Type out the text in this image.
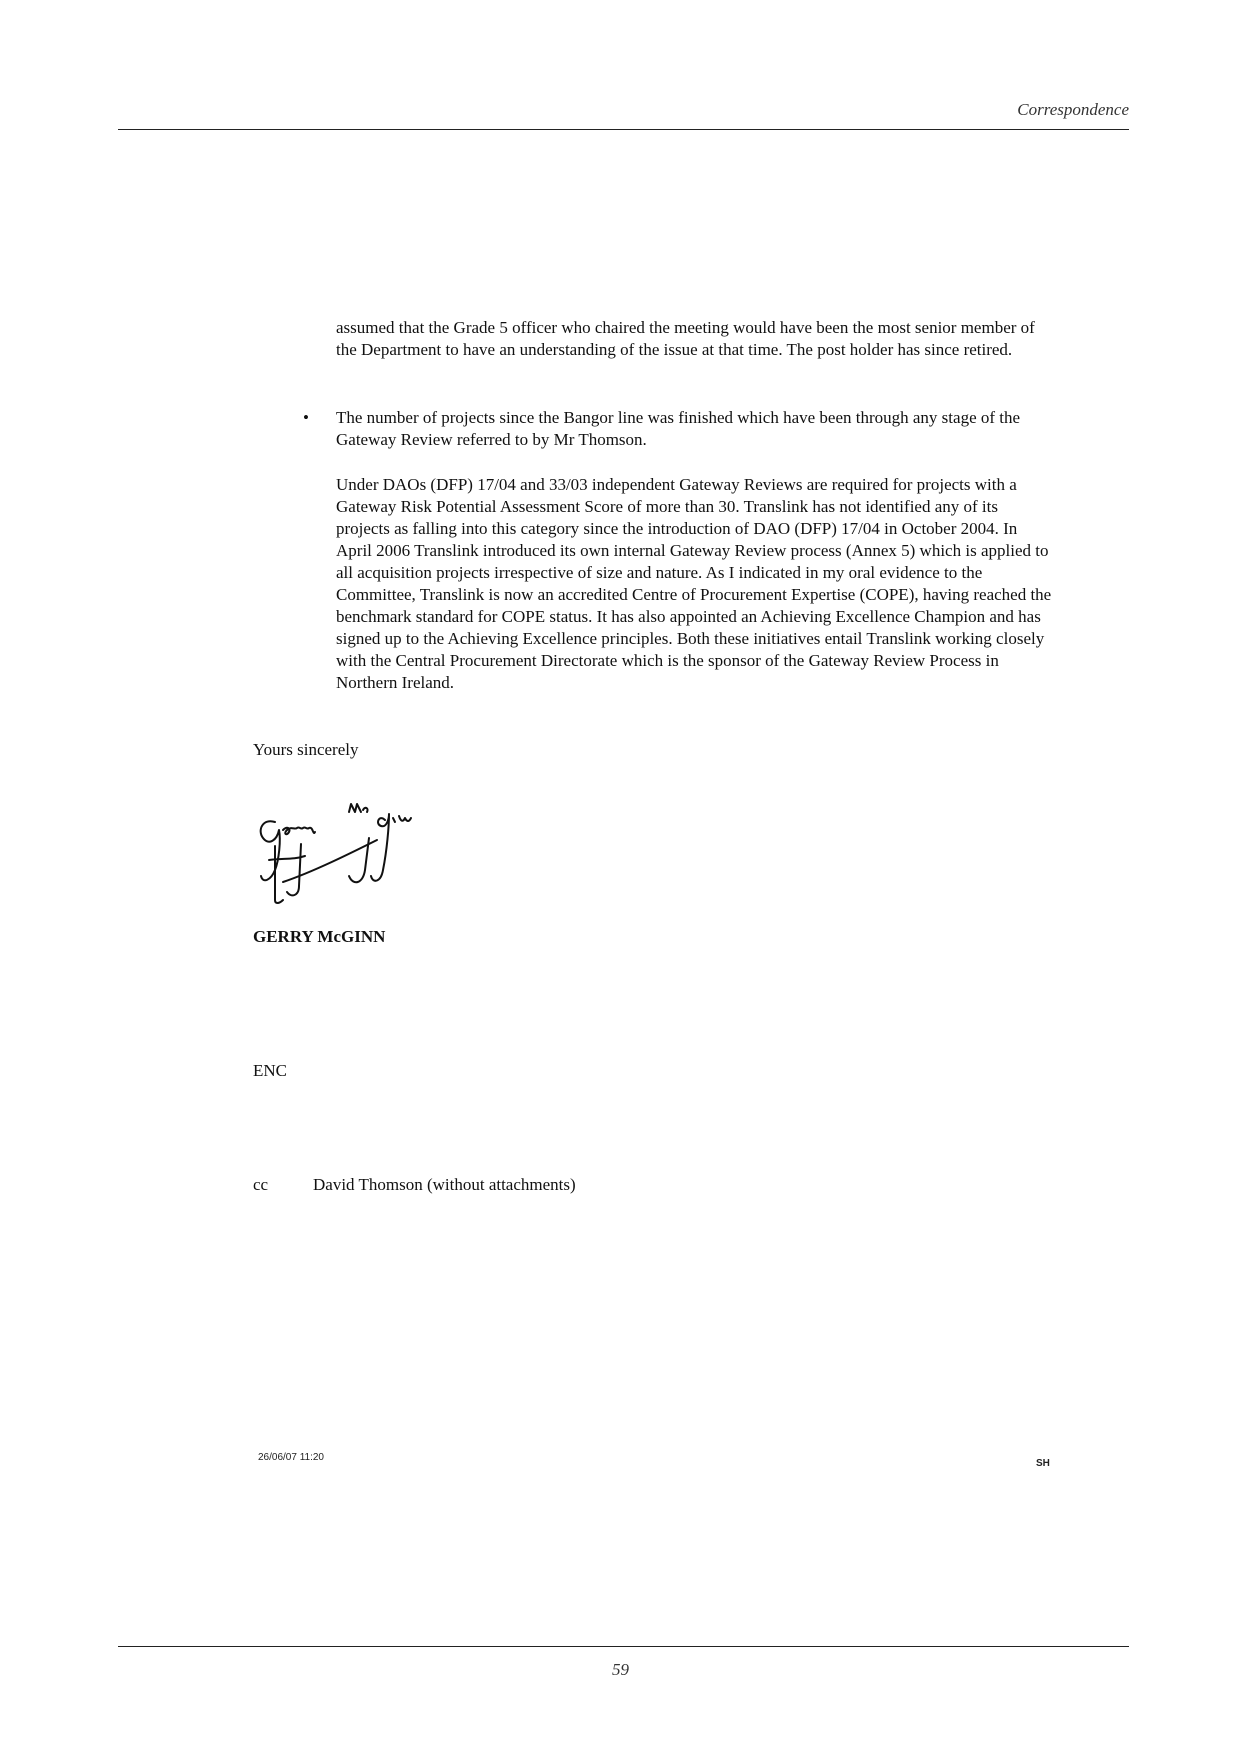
Correspondence
assumed that the Grade 5 officer who chaired the meeting would have been the most senior member of the Department to have an understanding of the issue at that time. The post holder has since retired.
• The number of projects since the Bangor line was finished which have been through any stage of the Gateway Review referred to by Mr Thomson.
Under DAOs (DFP) 17/04 and 33/03 independent Gateway Reviews are required for projects with a Gateway Risk Potential Assessment Score of more than 30. Translink has not identified any of its projects as falling into this category since the introduction of DAO (DFP) 17/04 in October 2004. In April 2006 Translink introduced its own internal Gateway Review process (Annex 5) which is applied to all acquisition projects irrespective of size and nature. As I indicated in my oral evidence to the Committee, Translink is now an accredited Centre of Procurement Expertise (COPE), having reached the benchmark standard for COPE status. It has also appointed an Achieving Excellence Champion and has signed up to the Achieving Excellence principles. Both these initiatives entail Translink working closely with the Central Procurement Directorate which is the sponsor of the Gateway Review Process in Northern Ireland.
Yours sincerely
GERRY McGINN
ENC
cc	David Thomson (without attachments)
26/06/07 11:20
SH
59
